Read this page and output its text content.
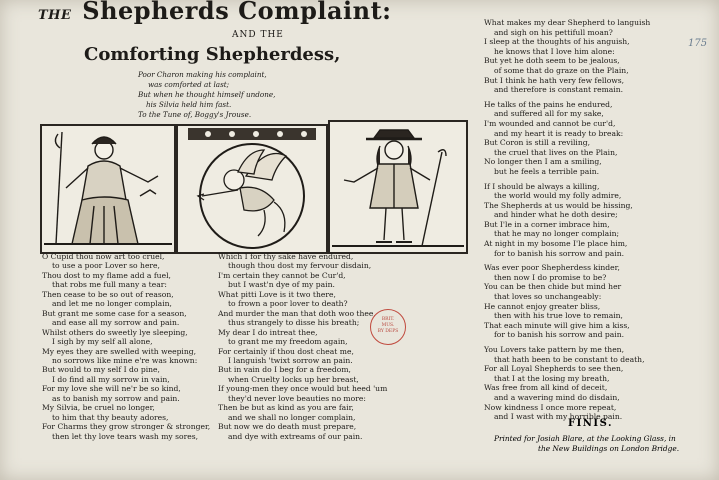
THE Shepherds Complaint:
AND THE
Comforting Shepherdess,
Poor Charon making his complaint,
was comforted at last;
But when he thought himself undone,
his Silvia held him fast.
To the Tune of, Boggy's Jrouse.
O Cupid thou now art too cruel,
to use a poor Lover so here,
Thou dost to my flame add a fuel,
that robs me full many a tear:
Then cease to be so out of reason,
and let me no longer complain,
But grant me some case for a season,
and ease all my sorrow and pain.
Whilst others do sweetly lye sleeping,
I sigh by my self all alone,
My eyes they are swelled with weeping,
no sorrows like mine e're was known:
But would to my self I do pine,
I do find all my sorrow in vain,
For my love she will ne'r be so kind,
as to banish my sorrow and pain.
My Silvia, be cruel no longer,
to him that thy beauty adores,
For Charms they grow stronger & stronger,
then let thy love tears wash my sores,
Which I for thy sake have endured,
though thou dost my fervour disdain,
I'm certain they cannot be Cur'd,
but I wast'n dye of my pain.
What pitti Love is it two there,
to frown a poor lover to death?
And murder the man that doth woo thee,
thus strangely to disse his breath;
My dear I do intreat thee,
to grant me my freedom again,
For certainly if thou dost cheat me,
I languish 'twixt sorrow an pain.
But in vain do I beg for a freedom,
when Cruelty locks up her breast,
If young-men they once would but heed 'um
they'd never love beauties no more:
Then be but as kind as you are fair,
and we shall no longer complain,
But now we do death must prepare,
and dye with extreams of our pain.
What makes my dear Shepherd to languish
and sigh on his pettifull moan?
I sleep at the thoughts of his anguish,
he knows that I love him alone:
But yet he doth seem to be jealous,
of some that do graze on the Plain,
But I think he hath very few fellows,
and therefore is constant remain.
He talks of the pains he endured,
and suffered all for my sake,
I'm wounded and cannot be cur'd,
and my heart it is ready to break:
But Coron is still a reviling,
the cruel that lives on the Plain,
No longer then I am a smiling,
but he feels a terrible pain.
If I should be always a killing,
the world would my folly admire,
The Shepherds at us would be hissing,
and hinder what he doth desire;
But I'le in a corner imbrace him,
that he may no longer complain;
At night in my bosome I'le place him,
for to banish his sorrow and pain.
Was ever poor Shepherdess kinder,
then now I do promise to be?
You can be then chide but mind her
that loves so unchangeably:
He cannot enjoy greater bliss,
then with his true love to remain,
That each minute will give him a kiss,
for to banish his sorrow and pain.
You Lovers take pattern by me then,
that hath been to be constant to death,
For all Loyal Shepherds to see then,
that I at the losing my breath,
Was free from all kind of deceit,
and a wavering mind do disdain,
Now kindness I once more repeat,
and I wast with my horrible pain.
BRIT.
MUS.
BY DEPS
175
FINIS.
Printed for Josiah Blare, at the Looking Glass, in
the New Buildings on London Bridge.
